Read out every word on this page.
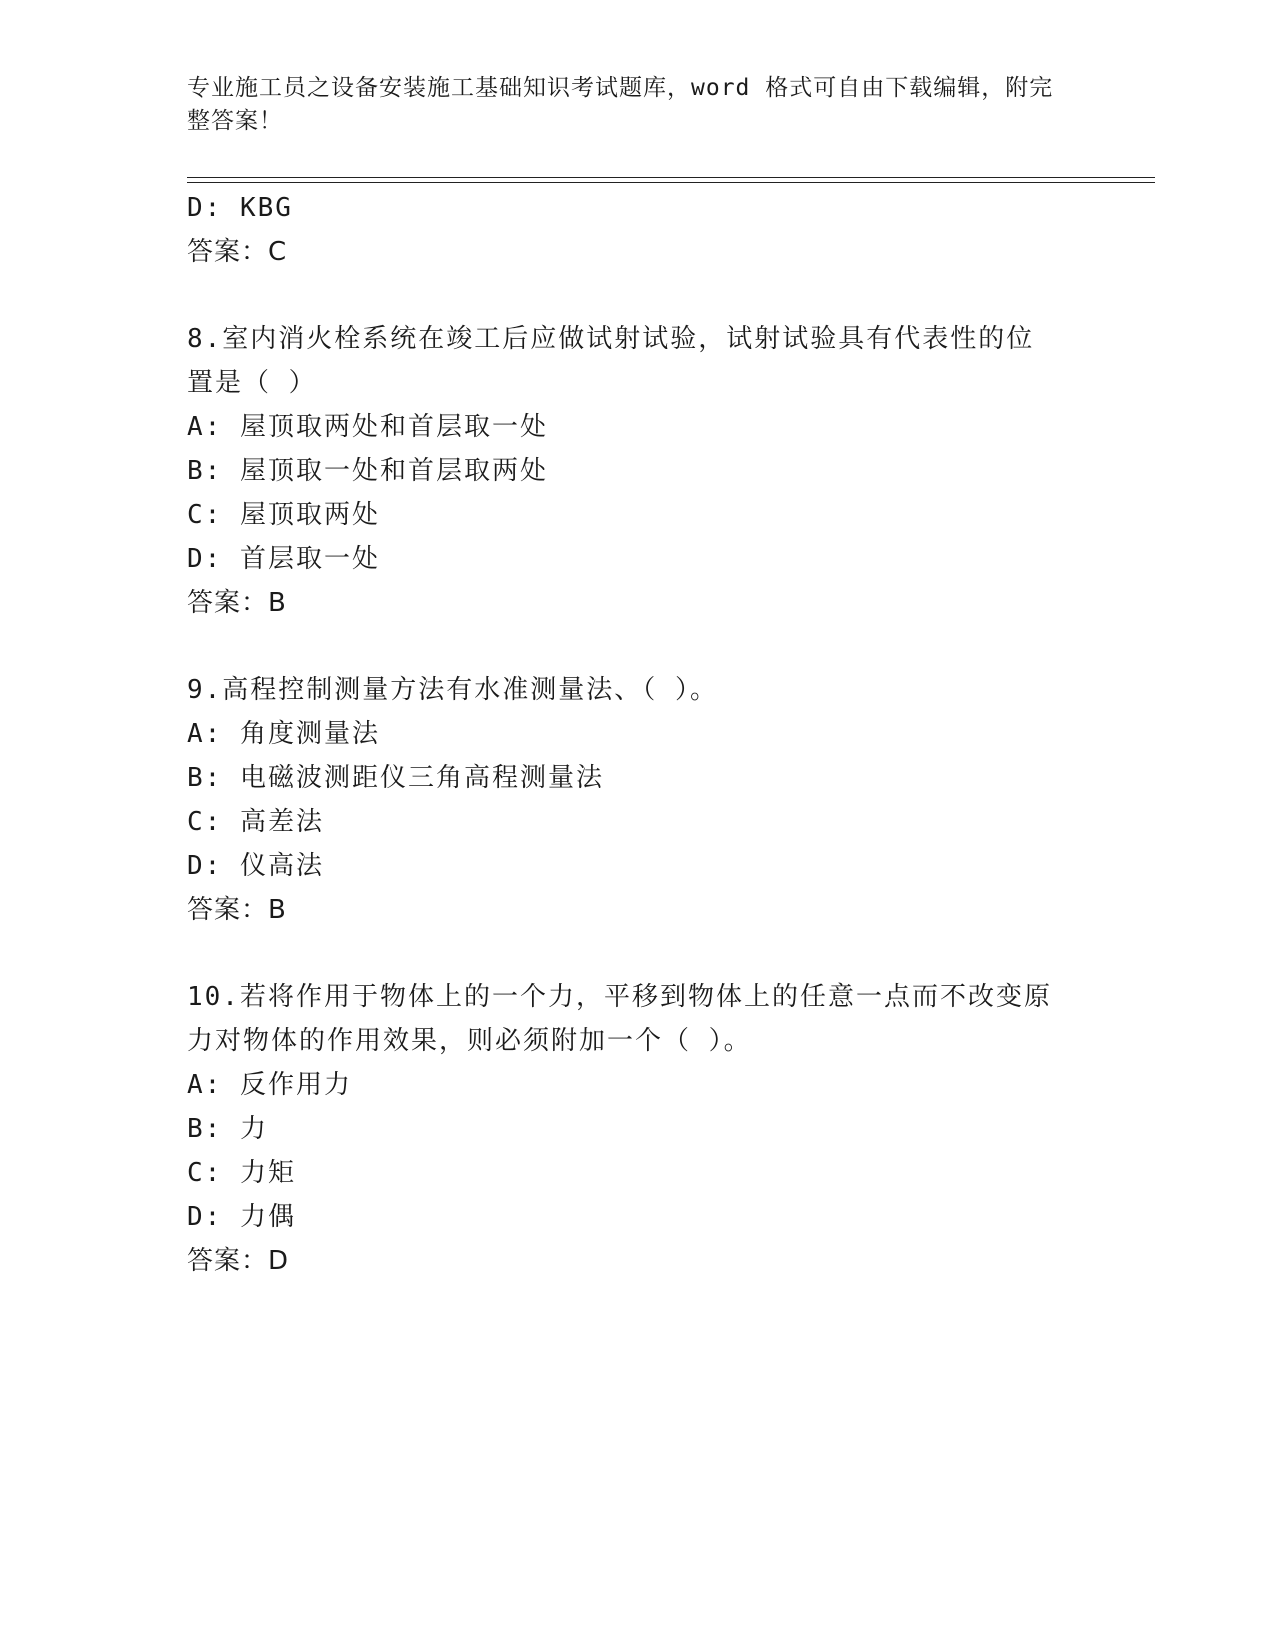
专业施工员之设备安装施工基础知识考试题库，word 格式可自由下载编辑，附完
整答案！
D: KBG
答案：C
8.室内消火栓系统在竣工后应做试射试验，试射试验具有代表性的位
置是（ ）
A: 屋顶取两处和首层取一处
B: 屋顶取一处和首层取两处
C: 屋顶取两处
D: 首层取一处
答案：B
9.高程控制测量方法有水准测量法、（ ）。
A: 角度测量法
B: 电磁波测距仪三角高程测量法
C: 高差法
D: 仪高法
答案：B
10.若将作用于物体上的一个力，平移到物体上的任意一点而不改变原
力对物体的作用效果，则必须附加一个（ ）。
A: 反作用力
B: 力
C: 力矩
D: 力偶
答案：D
